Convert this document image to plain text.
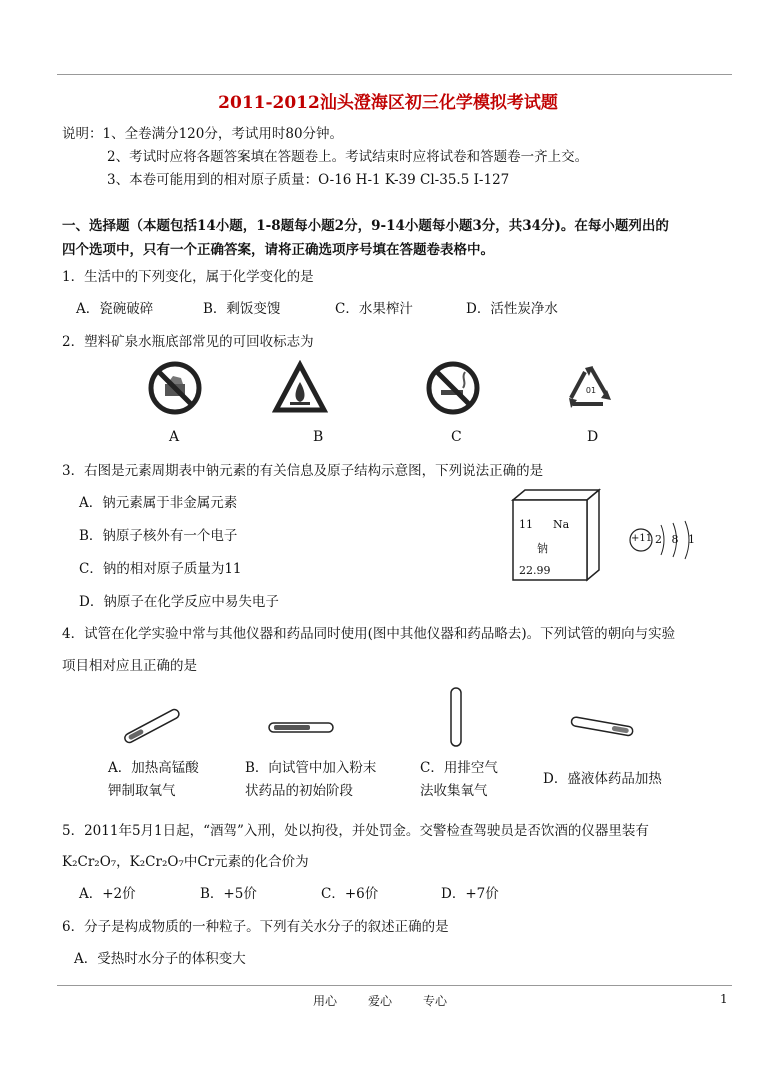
2011-2012汕头澄海区初三化学模拟考试题
说明：1、全卷满分120分，考试用时80分钟。
2、考试时应将各题答案填在答题卷上。考试结束时应将试卷和答题卷一齐上交。
3、本卷可能用到的相对原子质量：O-16 H-1 K-39 Cl-35.5 I-127
一、选择题（本题包括14小题，1-8题每小题2分，9-14小题每小题3分，共34分)。在每小题列出的
四个选项中，只有一个正确答案，请将正确选项序号填在答题卷表格中。
1．生活中的下列变化，属于化学变化的是
A．瓷碗破碎	B．剩饭变馊	C．水果榨汁	D．活性炭净水
2．塑料矿泉水瓶底部常见的可回收标志为
01
A	B	C	D
3．右图是元素周期表中钠元素的有关信息及原子结构示意图，下列说法正确的是
A．钠元素属于非金属元素
B．钠原子核外有一个电子
C．钠的相对原子质量为11
D．钠原子在化学反应中易失电子
11 Na
钠
22.99
+11 2 8 1
4．试管在化学实验中常与其他仪器和药品同时使用(图中其他仪器和药品略去)。下列试管的朝向与实验
项目相对应且正确的是
A．加热高锰酸
钾制取氧气
B．向试管中加入粉末
状药品的初始阶段
C．用排空气
法收集氧气
D．盛液体药品加热
5．2011年5月1日起，“酒驾”入刑，处以拘役，并处罚金。交警检查驾驶员是否饮酒的仪器里装有
K₂Cr₂O₇，K₂Cr₂O₇中Cr元素的化合价为
A．+2价	B．+5价	C．+6价	D．+7价
6．分子是构成物质的一种粒子。下列有关水分子的叙述正确的是
A．受热时水分子的体积变大
用心	爱心	专心	1
